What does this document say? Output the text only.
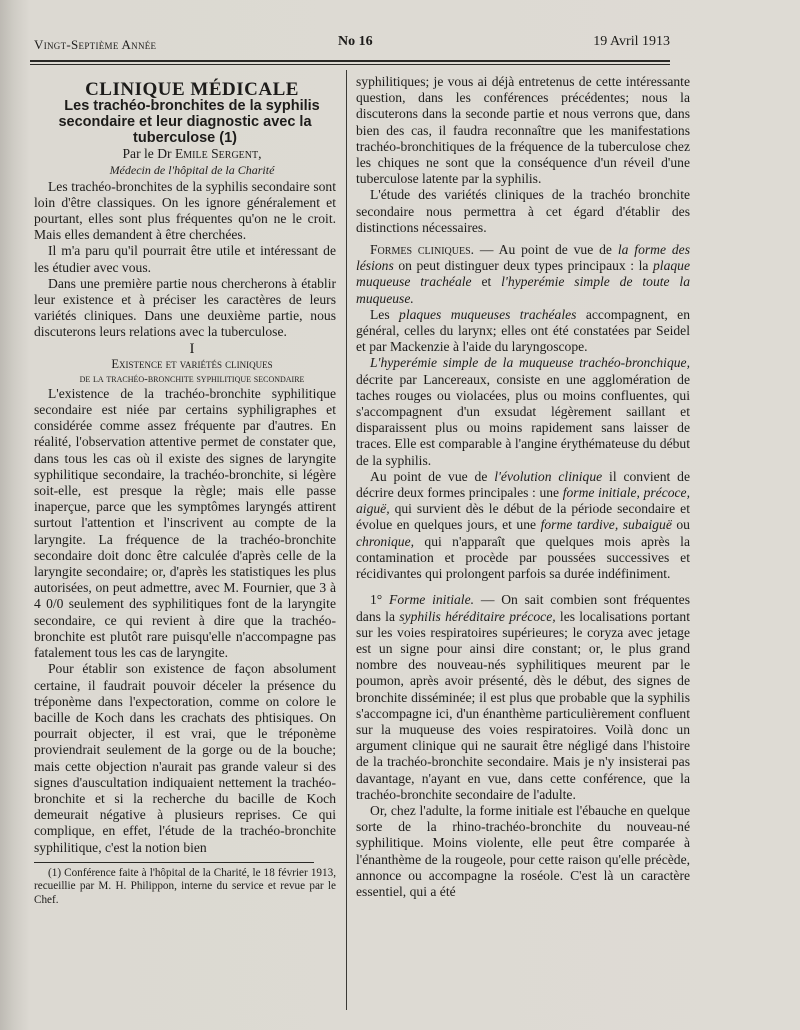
Vingt-Septième Année	No 16	19 Avril 1913

CLINIQUE MÉDICALE

Les trachéo-bronchites de la syphilis secondaire et leur diagnostic avec la tuberculose (1)

Par le Dr Emile Sergent,

Médecin de l'hôpital de la Charité

Les trachéo-bronchites de la syphilis secondaire sont loin d'être classiques. On les ignore généralement et pourtant, elles sont plus fréquentes qu'on ne le croit. Mais elles demandent à être cherchées.

Il m'a paru qu'il pourrait être utile et intéressant de les étudier avec vous.

Dans une première partie nous chercherons à établir leur existence et à préciser les caractères de leurs variétés cliniques. Dans une deuxième partie, nous discuterons leurs relations avec la tuberculose.

I

Existence et variétés cliniques

de la trachéo-bronchite syphilitique secondaire

L'existence de la trachéo-bronchite syphilitique secondaire est niée par certains syphiligraphes et considérée comme assez fréquente par d'autres. En réalité, l'observation attentive permet de constater que, dans tous les cas où il existe des signes de laryngite syphilitique secondaire, la trachéo-bronchite, si légère soit-elle, est presque la règle; mais elle passe inaperçue, parce que les symptômes laryngés attirent surtout l'attention et l'inscrivent au compte de la laryngite. La fréquence de la trachéo-bronchite secondaire doit donc être calculée d'après celle de la laryngite secondaire; or, d'après les statistiques les plus autorisées, on peut admettre, avec M. Fournier, que 3 à 4 0/0 seulement des syphilitiques font de la laryngite secondaire, ce qui revient à dire que la trachéo-bronchite est plutôt rare puisqu'elle n'accompagne pas fatalement tous les cas de laryngite.

Pour établir son existence de façon absolument certaine, il faudrait pouvoir déceler la présence du tréponème dans l'expectoration, comme on colore le bacille de Koch dans les crachats des phtisiques. On pourrait objecter, il est vrai, que le tréponème proviendrait seulement de la gorge ou de la bouche; mais cette objection n'aurait pas grande valeur si des signes d'auscultation indiquaient nettement la trachéo-bronchite et si la recherche du bacille de Koch demeurait négative à plusieurs reprises. Ce qui complique, en effet, l'étude de la trachéo-bronchite syphilitique, c'est la notion bien

(1) Conférence faite à l'hôpital de la Charité, le 18 février 1913, recueillie par M. H. Philippon, interne du service et revue par le Chef.

syphilitiques; je vous ai déjà entretenus de cette intéressante question, dans les conférences précédentes; nous la discuterons dans la seconde partie et nous verrons que, dans bien des cas, il faudra reconnaître que les manifestations trachéo-bronchitiques de la fréquence de la tuberculose chez les chiques ne sont que la conséquence d'un réveil d'une tuberculose latente par la syphilis.

L'étude des variétés cliniques de la trachéo bronchite secondaire nous permettra à cet égard d'établir des distinctions nécessaires.

Formes cliniques. — Au point de vue de la forme des lésions on peut distinguer deux types principaux : la plaque muqueuse trachéale et l'hyperémie simple de toute la muqueuse.

Les plaques muqueuses trachéales accompagnent, en général, celles du larynx; elles ont été constatées par Seidel et par Mackenzie à l'aide du laryngoscope.

L'hyperémie simple de la muqueuse trachéo-bronchique, décrite par Lancereaux, consiste en une agglomération de taches rouges ou violacées, plus ou moins confluentes, qui s'accompagnent d'un exsudat légèrement saillant et disparaissent plus ou moins rapidement sans laisser de traces. Elle est comparable à l'angine érythémateuse du début de la syphilis.

Au point de vue de l'évolution clinique il convient de décrire deux formes principales : une forme initiale, précoce, aiguë, qui survient dès le début de la période secondaire et évolue en quelques jours, et une forme tardive, subaiguë ou chronique, qui n'apparaît que quelques mois après la contamination et procède par poussées successives et récidivantes qui prolongent parfois sa durée indéfiniment.

1° Forme initiale. — On sait combien sont fréquentes dans la syphilis héréditaire précoce, les localisations portant sur les voies respiratoires supérieures; le coryza avec jetage est un signe pour ainsi dire constant; or, le plus grand nombre des nouveau-nés syphilitiques meurent par le poumon, après avoir présenté, dès le début, des signes de bronchite disséminée; il est plus que probable que la syphilis s'accompagne ici, d'un énanthème particulièrement confluent sur la muqueuse des voies respiratoires. Voilà donc un argument clinique qui ne saurait être négligé dans l'histoire de la trachéo-bronchite secondaire. Mais je n'y insisterai pas davantage, n'ayant en vue, dans cette conférence, que la trachéo-bronchite secondaire de l'adulte.

Or, chez l'adulte, la forme initiale est l'ébauche en quelque sorte de la rhino-trachéo-bronchite du nouveau-né syphilitique. Moins violente, elle peut être comparée à l'énanthème de la rougeole, pour cette raison qu'elle précède, annonce ou accompagne la roséole. C'est là un caractère essentiel, qui a été
